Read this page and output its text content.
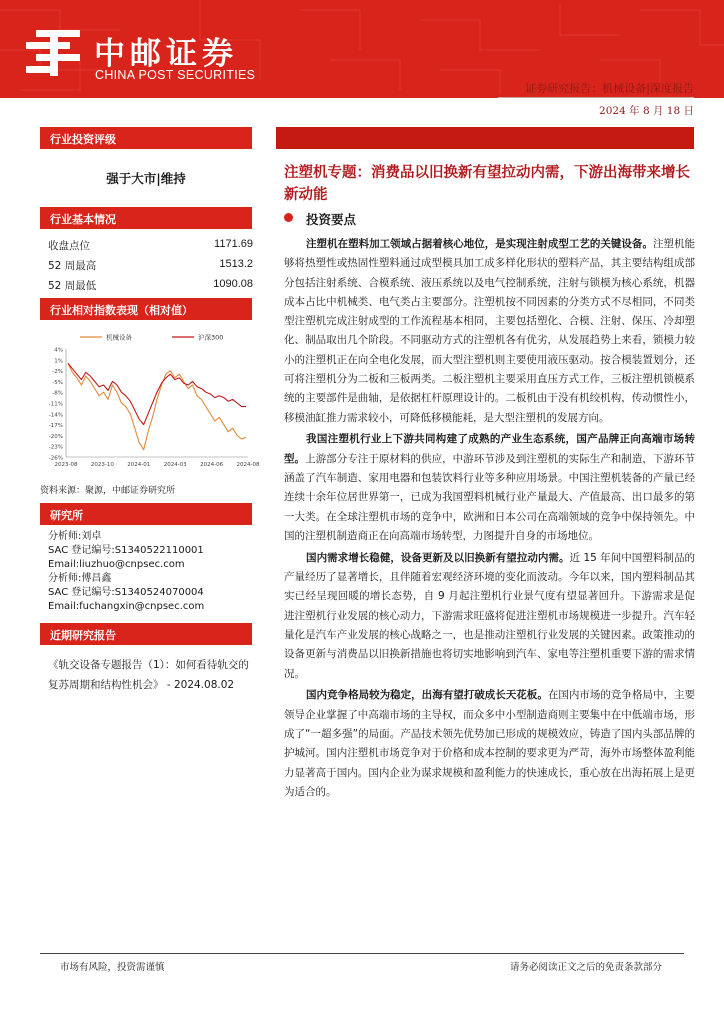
中邮证券
CHINA POST SECURITIES
证券研究报告：机械设备|深度报告
2024 年 8 月 18 日
行业投资评级
强于大市|维持
行业基本情况
收盘点位	1171.69
52 周最高	1513.2
52 周最低	1090.08
行业相对指数表现（相对值）
4%
1%
-2%
-5%
-8%
-11%
-14%
-17%
-20%
-23%
-26%
2023-08 2023-10 2024-01 2024-03 2024-06 2024-08
机械设备	沪深300
资料来源：聚源，中邮证券研究所
研究所
分析师:刘卓
SAC 登记编号:S1340522110001
Email:liuzhuo@cnpsec.com
分析师:傅昌鑫
SAC 登记编号:S1340524070004
Email:fuchangxin@cnpsec.com
近期研究报告
《轨交设备专题报告（1）：如何看待轨交的复苏周期和结构性机会》 - 2024.08.02
注塑机专题：消费品以旧换新有望拉动内需，下游出海带来增长新动能
投资要点

注塑机在塑料加工领域占据着核心地位，是实现注射成型工艺的关键设备。注塑机能够将热塑性或热固性塑料通过成型模具加工成多样化形状的塑料产品，其主要结构组成部分包括注射系统、合模系统、液压系统以及电气控制系统，注射与锁模为核心系统，机器成本占比中机械类、电气类占主要部分。注塑机按不同因素的分类方式不尽相同，不同类型注塑机完成注射成型的工作流程基本相同，主要包括塑化、合模、注射、保压、冷却塑化、制品取出几个阶段。不同驱动方式的注塑机各有优劣，从发展趋势上来看，锁模力较小的注塑机正在向全电化发展，而大型注塑机则主要使用液压驱动。按合模装置划分，还可将注塑机分为二板和三板两类。二板注塑机主要采用直压方式工作，三板注塑机锁模系统的主要部件是曲轴，是依据杠杆原理设计的。二板机由于没有机绞机构，传动惯性小，移模油缸推力需求较小，可降低移模能耗，是大型注塑机的发展方向。

我国注塑机行业上下游共同构建了成熟的产业生态系统，国产品牌正向高端市场转型。上游部分专注于原材料的供应，中游环节涉及到注塑机的实际生产和制造，下游环节涵盖了汽车制造、家用电器和包装饮料行业等多种应用场景。中国注塑机装备的产量已经连续十余年位居世界第一，已成为我国塑料机械行业产量最大、产值最高、出口最多的第一大类。在全球注塑机市场的竞争中，欧洲和日本公司在高端领域的竞争中保持领先。中国的注塑机制造商正在向高端市场转型，力图提升自身的市场地位。

国内需求增长稳健，设备更新及以旧换新有望拉动内需。近 15 年间中国塑料制品的产量经历了显著增长，且伴随着宏观经济环境的变化而波动。今年以来，国内塑料制品其实已经呈现回暖的增长态势，自 9 月起注塑机行业景气度有望显著回升。下游需求是促进注塑机行业发展的核心动力，下游需求旺盛将促进注塑机市场规模进一步提升。汽车轻量化是汽车产业发展的核心战略之一，也是推动注塑机行业发展的关键因素。政策推动的设备更新与消费品以旧换新措施也将切实地影响到汽车、家电等注塑机重要下游的需求情况。

国内竞争格局较为稳定，出海有望打破成长天花板。在国内市场的竞争格局中，主要领导企业掌握了中高端市场的主导权，而众多中小型制造商则主要集中在中低端市场，形成了“一超多强”的局面。产品技术领先优势加已形成的规模效应，铸造了国内头部品牌的护城河。国内注塑机市场竞争对于价格和成本控制的要求更为严苛，海外市场整体盈利能力显著高于国内。国内企业为谋求规模和盈利能力的快速成长，重心放在出海拓展上是更为适合的。

市场有风险，投资需谨慎	请务必阅读正文之后的免责条款部分
